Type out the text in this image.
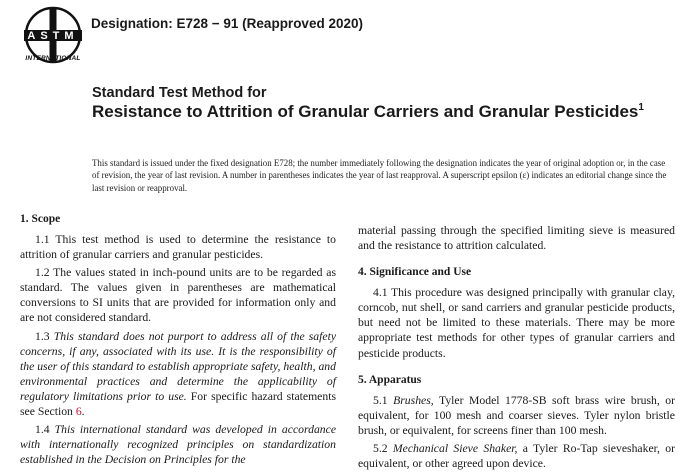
ASTM
INTERNATIONAL
Designation: E728 − 91 (Reapproved 2020)
Standard Test Method for
Resistance to Attrition of Granular Carriers and Granular Pesticides$^1$

This standard is issued under the fixed designation E728; the number immediately following the designation indicates the year of original adoption or, in the case of revision, the year of last revision. A number in parentheses indicates the year of last reapproval. A superscript epsilon (ε) indicates an editorial change since the last revision or reapproval.

1. Scope

1.1 This test method is used to determine the resistance to attrition of granular carriers and granular pesticides.

1.2 The values stated in inch-pound units are to be regarded as standard. The values given in parentheses are mathematical conversions to SI units that are provided for information only and are not considered standard.

1.3 This standard does not purport to address all of the safety concerns, if any, associated with its use. It is the responsibility of the user of this standard to establish appropriate safety, health, and environmental practices and determine the applicability of regulatory limitations prior to use. For specific hazard statements see Section 6.

1.4 This international standard was developed in accordance with internationally recognized principles on standardization established in the Decision on Principles for the

material passing through the specified limiting sieve is measured and the resistance to attrition calculated.

4. Significance and Use

4.1 This procedure was designed principally with granular clay, corncob, nut shell, or sand carriers and granular pesticide products, but need not be limited to these materials. There may be more appropriate test methods for other types of granular carriers and pesticide products.

5. Apparatus

5.1 Brushes, Tyler Model 1778-SB soft brass wire brush, or equivalent, for 100 mesh and coarser sieves. Tyler nylon bristle brush, or equivalent, for screens finer than 100 mesh.

5.2 Mechanical Sieve Shaker, a Tyler Ro-Tap sieveshaker, or equivalent, or other agreed upon device.
